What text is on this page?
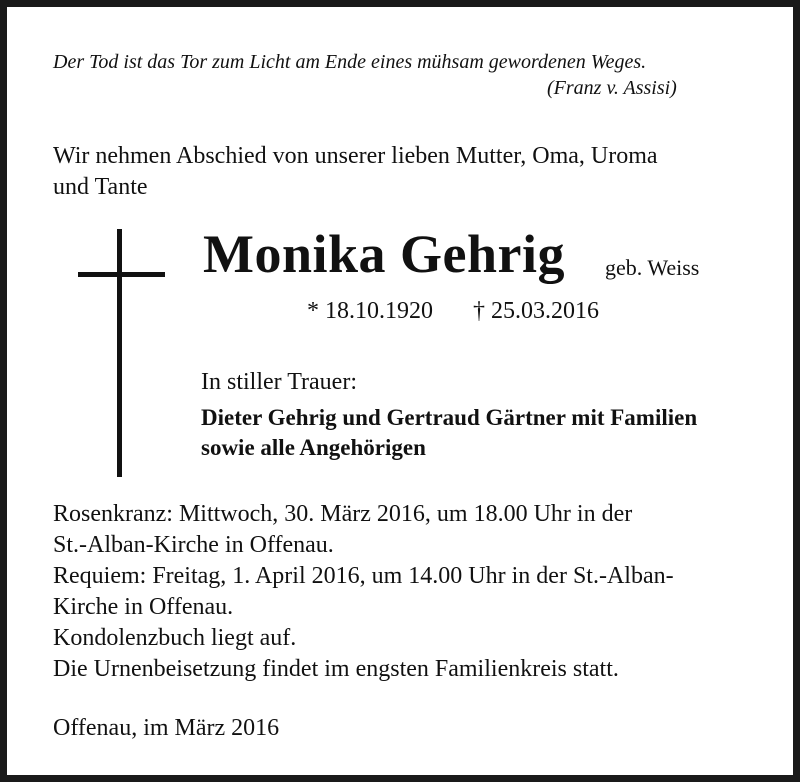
Der Tod ist das Tor zum Licht am Ende eines mühsam gewordenen Weges.
(Franz v. Assisi)
Wir nehmen Abschied von unserer lieben Mutter, Oma, Uroma
und Tante
Monika Gehrig geb. Weiss
* 18.10.1920 † 25.03.2016
In stiller Trauer:
Dieter Gehrig und Gertraud Gärtner mit Familien
sowie alle Angehörigen

Rosenkranz: Mittwoch, 30. März 2016, um 18.00 Uhr in der

St.-Alban-Kirche in Offenau.

Requiem: Freitag, 1. April 2016, um 14.00 Uhr in der St.-Alban-

Kirche in Offenau.

Kondolenzbuch liegt auf.

Die Urnenbeisetzung findet im engsten Familienkreis statt.

Offenau, im März 2016
